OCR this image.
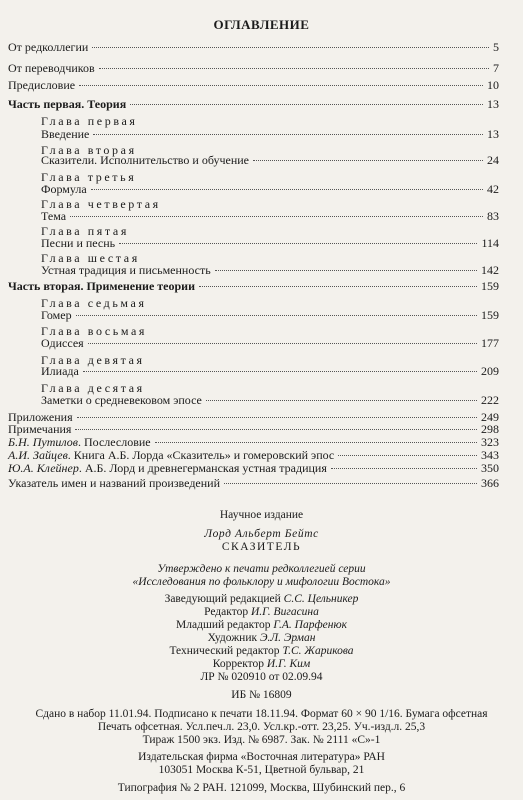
ОГЛАВЛЕНИЕ
От редколлегии	5
От переводчиков	7
Предисловие	10
Часть первая. Теория	13
Глава первая
Введение	13
Глава вторая
Сказители. Исполнительство и обучение	24
Глава третья
Формула	42
Глава четвертая
Тема	83
Глава пятая
Песни и песнь	114
Глава шестая
Устная традиция и письменность	142
Часть вторая. Применение теории	159
Глава седьмая
Гомер	159
Глава восьмая
Одиссея	177
Глава девятая
Илиада	209
Глава десятая
Заметки о средневековом эпосе	222
Приложения	249
Примечания	298
Б.Н. Путилов. Послесловие	323
А.И. Зайцев. Книга А.Б. Лорда «Сказитель» и гомеровский эпос	343
Ю.А. Клейнер. А.Б. Лорд и древнегерманская устная традиция	350
Указатель имен и названий произведений	366
Научное издание
Лорд Альберт Бейтс
СКАЗИТЕЛЬ
Утверждено к печати редколлегией серии
«Исследования по фольклору и мифологии Востока»
Заведующий редакцией С.С. Цельникер
Редактор И.Г. Вигасина
Младший редактор Г.А. Парфенюк
Художник Э.Л. Эрман
Технический редактор Т.С. Жарикова
Корректор И.Г. Ким
ЛР № 020910 от 02.09.94
ИБ № 16809
Сдано в набор 11.01.94. Подписано к печати 18.11.94. Формат 60 × 90 1/16. Бумага офсетная
Печать офсетная. Усл.печ.л. 23,0. Усл.кр.-отт. 23,25. Уч.-изд.л. 25,3
Тираж 1500 экз. Изд. № 6987. Зак. № 2111 «С»-1
Издательская фирма «Восточная литература» РАН
103051 Москва К-51, Цветной бульвар, 21
Типография № 2 РАН. 121099, Москва, Шубинский пер., 6
